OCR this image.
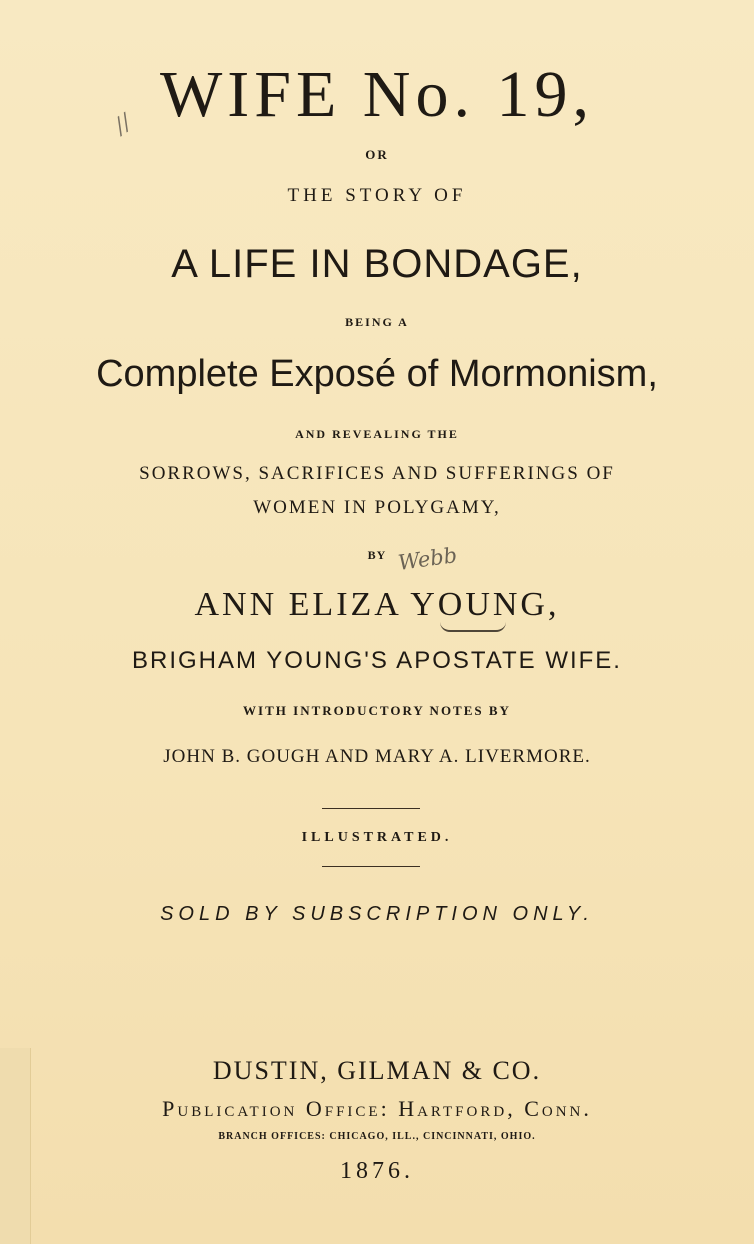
WIFE No. 19,
//
OR
THE STORY OF
A LIFE IN BONDAGE,
BEING A
Complete Exposé of Mormonism,
AND REVEALING THE
SORROWS, SACRIFICES AND SUFFERINGS OF
WOMEN IN POLYGAMY,
BY Webb
ANN ELIZA YOUNG,
BRIGHAM YOUNG'S APOSTATE WIFE.
WITH INTRODUCTORY NOTES BY
JOHN B. GOUGH AND MARY A. LIVERMORE.
ILLUSTRATED.
SOLD BY SUBSCRIPTION ONLY.
DUSTIN, GILMAN & CO.
Publication Office: Hartford, Conn.
BRANCH OFFICES: CHICAGO, ILL., CINCINNATI, OHIO.
1876.
